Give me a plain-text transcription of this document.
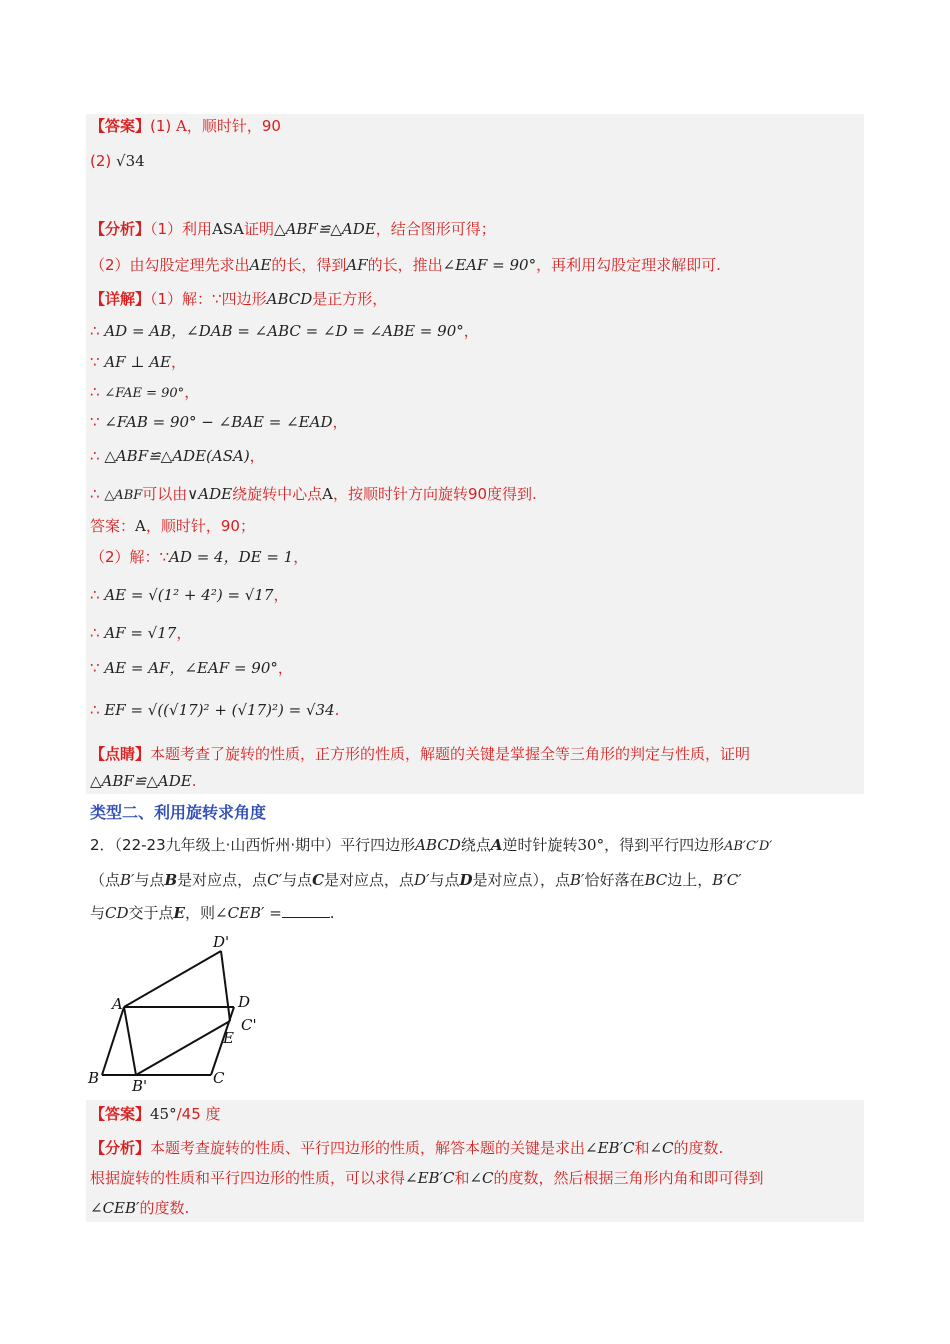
【答案】(1) A，顺时针，90
(2) √34
【分析】（1）利用ASA证明△ABF≌△ADE，结合图形可得；
（2）由勾股定理先求出AE的长，得到AF的长，推出∠EAF = 90°，再利用勾股定理求解即可.
【详解】（1）解：∵四边形ABCD是正方形，
∴ AD = AB，∠DAB = ∠ABC = ∠D = ∠ABE = 90°，
∵ AF ⊥ AE，
∴ ∠FAE = 90°，
∵ ∠FAB = 90° − ∠BAE = ∠EAD，
∴ △ABF≌△ADE(ASA)，
∴ △ABF可以由∨ADE绕旋转中心点A，按顺时针方向旋转90度得到.
答案：A，顺时针，90；
（2）解：∵AD = 4，DE = 1，
∴ AE = √(1² + 4²) = √17，
∴ AF = √17，
∵ AE = AF，∠EAF = 90°，
∴ EF = √((√17)² + (√17)²) = √34.
【点睛】本题考查了旋转的性质，正方形的性质，解题的关键是掌握全等三角形的判定与性质，证明
△ABF≌△ADE.
类型二、利用旋转求角度
2．（22-23九年级上·山西忻州·期中）平行四边形ABCD绕点A逆时针旋转30°，得到平行四边形AB′C′D′
（点B′与点B是对应点，点C′与点C是对应点，点D′与点D是对应点），点B′恰好落在BC边上，B′C′
与CD交于点E，则∠CEB′ =	.
D'
A	D
C'
E
B B'	C
【答案】45°/45 度
【分析】本题考查旋转的性质、平行四边形的性质，解答本题的关键是求出∠EB′C和∠C的度数.
根据旋转的性质和平行四边形的性质，可以求得∠EB′C和∠C的度数，然后根据三角形内角和即可得到
∠CEB′的度数.
